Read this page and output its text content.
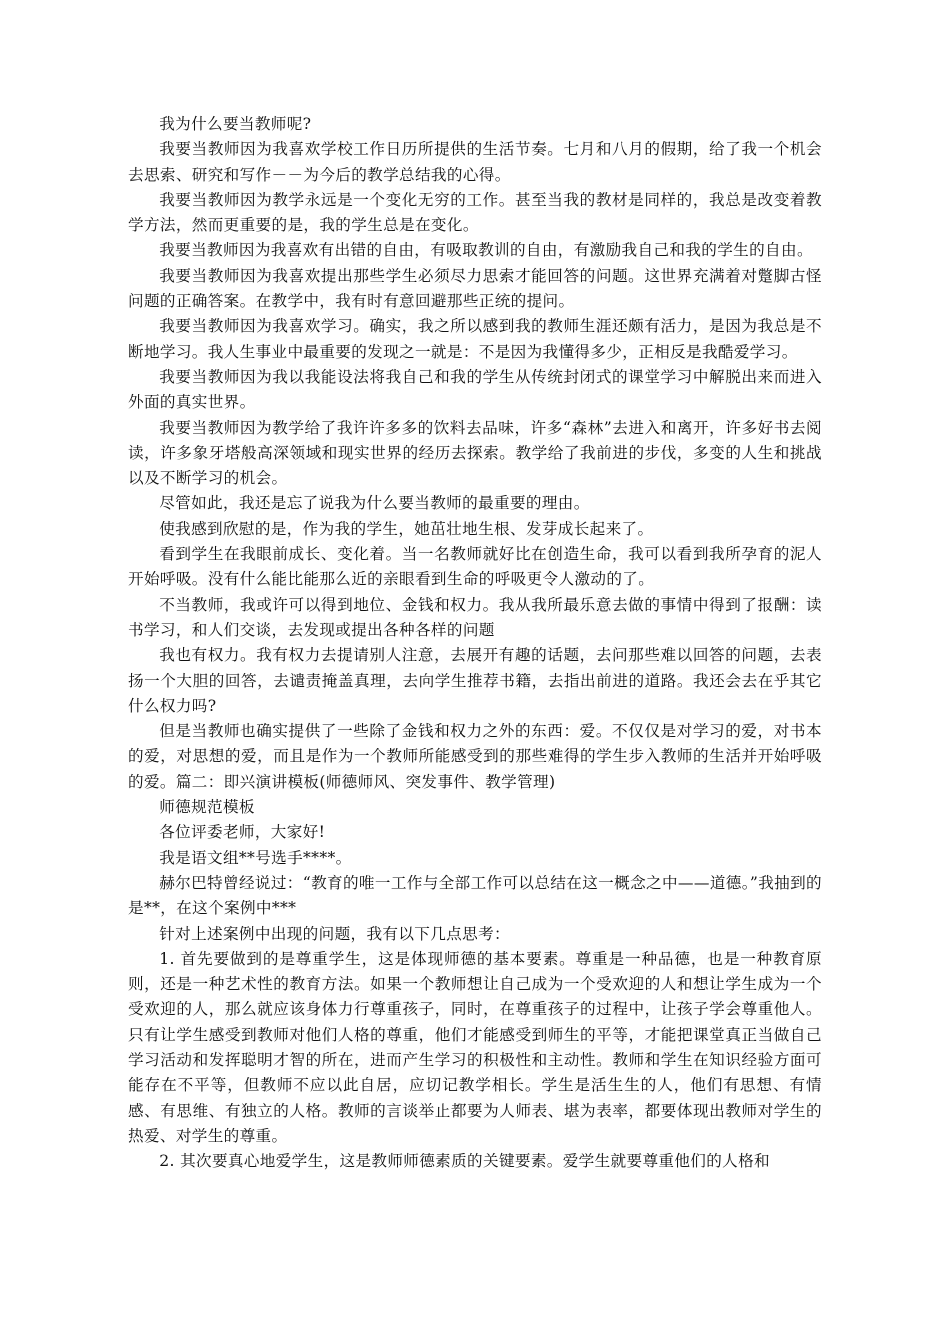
我为什么要当教师呢?

我要当教师因为我喜欢学校工作日历所提供的生活节奏。七月和八月的假期，给了我一个机会去思索、研究和写作－－为今后的教学总结我的心得。

我要当教师因为教学永远是一个变化无穷的工作。甚至当我的教材是同样的，我总是改变着教学方法，然而更重要的是，我的学生总是在变化。

我要当教师因为我喜欢有出错的自由，有吸取教训的自由，有激励我自己和我的学生的自由。

我要当教师因为我喜欢提出那些学生必须尽力思索才能回答的问题。这世界充满着对蹩脚古怪问题的正确答案。在教学中，我有时有意回避那些正统的提问。

我要当教师因为我喜欢学习。确实，我之所以感到我的教师生涯还颇有活力，是因为我总是不断地学习。我人生事业中最重要的发现之一就是：不是因为我懂得多少，正相反是我酷爱学习。

我要当教师因为我以我能设法将我自己和我的学生从传统封闭式的课堂学习中解脱出来而进入外面的真实世界。

我要当教师因为教学给了我许许多多的饮料去品味，许多“森林”去进入和离开，许多好书去阅读，许多象牙塔般高深领域和现实世界的经历去探索。教学给了我前进的步伐，多变的人生和挑战以及不断学习的机会。

尽管如此，我还是忘了说我为什么要当教师的最重要的理由。

使我感到欣慰的是，作为我的学生，她茁壮地生根、发芽成长起来了。

看到学生在我眼前成长、变化着。当一名教师就好比在创造生命，我可以看到我所孕育的泥人开始呼吸。没有什么能比能那么近的亲眼看到生命的呼吸更令人激动的了。

不当教师，我或许可以得到地位、金钱和权力。我从我所最乐意去做的事情中得到了报酬：读书学习，和人们交谈，去发现或提出各种各样的问题

我也有权力。我有权力去提请别人注意，去展开有趣的话题，去问那些难以回答的问题，去表扬一个大胆的回答，去谴责掩盖真理，去向学生推荐书籍，去指出前进的道路。我还会去在乎其它什么权力吗?

但是当教师也确实提供了一些除了金钱和权力之外的东西：爱。不仅仅是对学习的爱，对书本的爱，对思想的爱，而且是作为一个教师所能感受到的那些难得的学生步入教师的生活并开始呼吸的爱。篇二：即兴演讲模板(师德师风、突发事件、教学管理)

师德规范模板

各位评委老师，大家好!

我是语文组**号选手****。

赫尔巴特曾经说过：“教育的唯一工作与全部工作可以总结在这一概念之中——道德。”我抽到的是**，在这个案例中***

针对上述案例中出现的问题，我有以下几点思考：

1. 首先要做到的是尊重学生，这是体现师德的基本要素。尊重是一种品德，也是一种教育原则，还是一种艺术性的教育方法。如果一个教师想让自己成为一个受欢迎的人和想让学生成为一个受欢迎的人，那么就应该身体力行尊重孩子，同时，在尊重孩子的过程中，让孩子学会尊重他人。只有让学生感受到教师对他们人格的尊重，他们才能感受到师生的平等，才能把课堂真正当做自己学习活动和发挥聪明才智的所在，进而产生学习的积极性和主动性。教师和学生在知识经验方面可能存在不平等，但教师不应以此自居，应切记教学相长。学生是活生生的人，他们有思想、有情感、有思维、有独立的人格。教师的言谈举止都要为人师表、堪为表率，都要体现出教师对学生的热爱、对学生的尊重。

2. 其次要真心地爱学生，这是教师师德素质的关键要素。爱学生就要尊重他们的人格和
